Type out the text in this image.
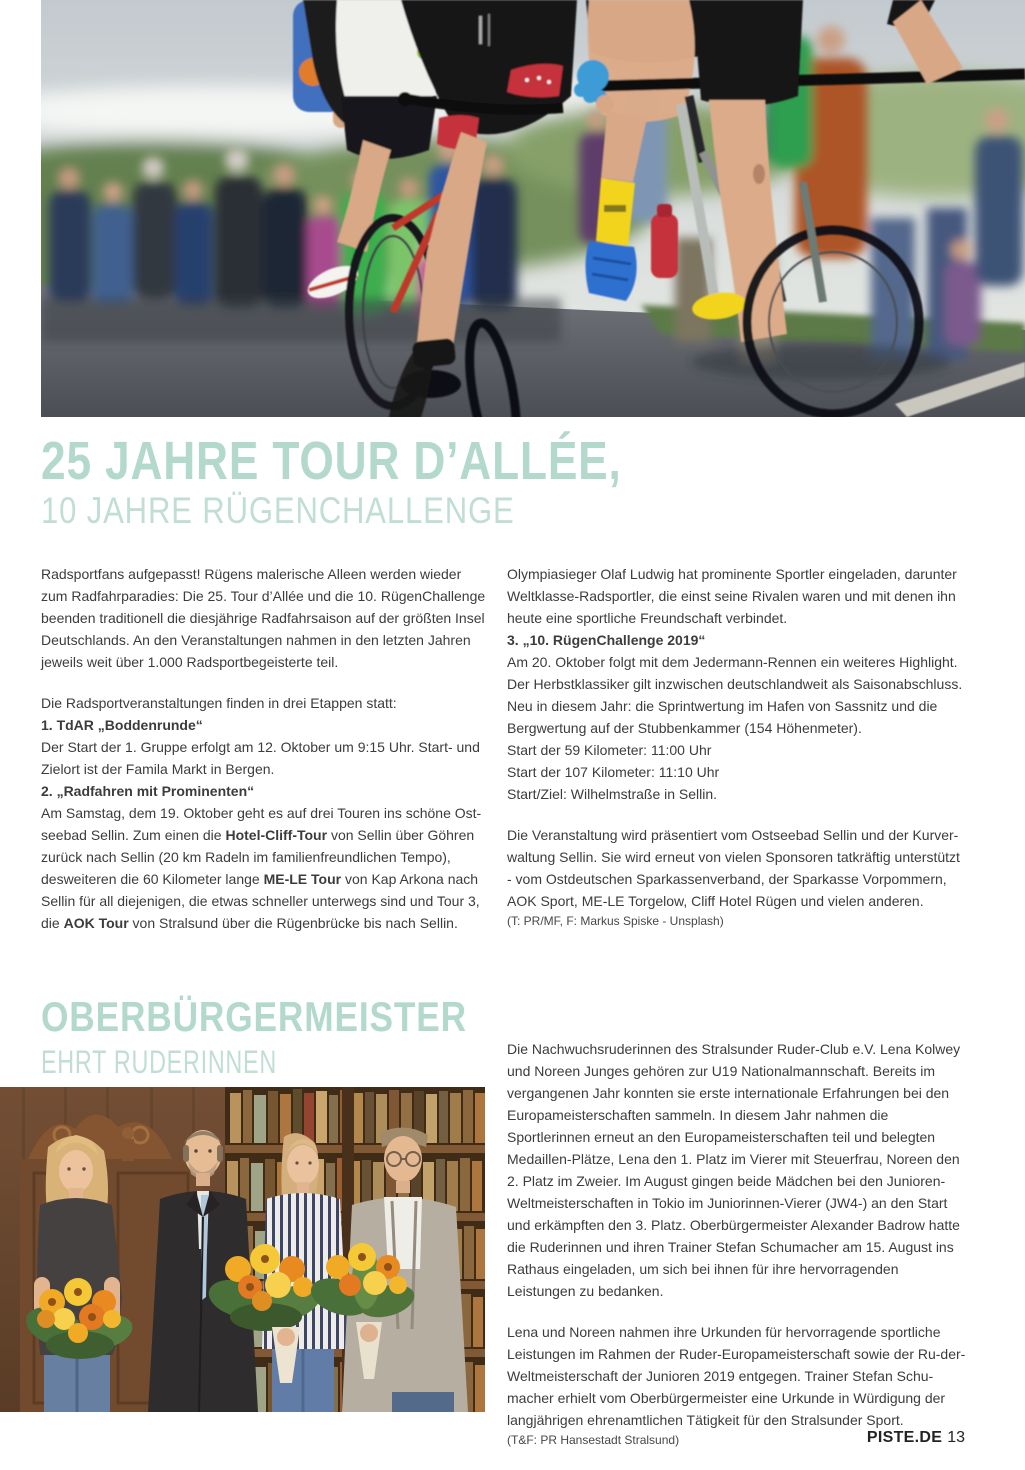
25 JAHRE TOUR D’ALLÉE,
10 JAHRE RÜGENCHALLENGE

Radsportfans aufgepasst! Rügens malerische Alleen werden wieder zum Radfahrparadies: Die 25. Tour d’Allée und die 10. RügenChallenge beenden traditionell die diesjährige Radfahrsaison auf der größten Insel Deutschlands. An den Veranstaltungen nahmen in den letzten Jahren jeweils weit über 1.000 Radsportbegeisterte teil.

Die Radsportveranstaltungen finden in drei Etappen statt:

1. TdAR „Boddenrunde“

Der Start der 1. Gruppe erfolgt am 12. Oktober um 9:15 Uhr. Start- und Zielort ist der Famila Markt in Bergen.

2. „Radfahren mit Prominenten“

Am Samstag, dem 19. Oktober geht es auf drei Touren ins schöne Ost-seebad Sellin. Zum einen die Hotel-Cliff-Tour von Sellin über Göhren zurück nach Sellin (20 km Radeln im familienfreundlichen Tempo), desweiteren die 60 Kilometer lange ME-LE Tour von Kap Arkona nach Sellin für all diejenigen, die etwas schneller unterwegs sind und Tour 3, die AOK Tour von Stralsund über die Rügenbrücke bis nach Sellin.

Olympiasieger Olaf Ludwig hat prominente Sportler eingeladen, darunter Weltklasse-Radsportler, die einst seine Rivalen waren und mit denen ihn heute eine sportliche Freundschaft verbindet.

3. „10. RügenChallenge 2019“

Am 20. Oktober folgt mit dem Jedermann-Rennen ein weiteres Highlight. Der Herbstklassiker gilt inzwischen deutschlandweit als Saisonabschluss. Neu in diesem Jahr: die Sprintwertung im Hafen von Sassnitz und die Bergwertung auf der Stubbenkammer (154 Höhenmeter).

Start der 59 Kilometer: 11:00 Uhr

Start der 107 Kilometer: 11:10 Uhr

Start/Ziel: Wilhelmstraße in Sellin.

Die Veranstaltung wird präsentiert vom Ostseebad Sellin und der Kurver-waltung Sellin. Sie wird erneut von vielen Sponsoren tatkräftig unterstützt - vom Ostdeutschen Sparkassenverband, der Sparkasse Vorpommern, AOK Sport, ME-LE Torgelow, Cliff Hotel Rügen und vielen anderen.

(T: PR/MF, F: Markus Spiske - Unsplash)

OBERBÜRGERMEISTER
EHRT RUDERINNEN	Die Nachwuchsruderinnen des Stralsunder Ruder-Club e.V. Lena Kolwey und Noreen Junges gehören zur U19 Nationalmannschaft. Bereits im vergangenen Jahr konnten sie erste internationale Erfahrungen bei den Europameisterschaften sammeln. In diesem Jahr nahmen die Sportlerinnen erneut an den Europameisterschaften teil und belegten Medaillen-Plätze, Lena den 1. Platz im Vierer mit Steuerfrau, Noreen den 2. Platz im Zweier. Im August gingen beide Mädchen bei den Junioren-Weltmeisterschaften in Tokio im Juniorinnen-Vierer (JW4-) an den Start und erkämpften den 3. Platz. Oberbürgermeister Alexander Badrow hatte die Ruderinnen und ihren Trainer Stefan Schumacher am 15. August ins Rathaus eingeladen, um sich bei ihnen für ihre hervorragenden Leistungen zu bedanken.

Lena und Noreen nahmen ihre Urkunden für hervorragende sportliche Leistungen im Rahmen der Ruder-Europameisterschaft sowie der Ru-der-Weltmeisterschaft der Junioren 2019 entgegen. Trainer Stefan Schu-macher erhielt vom Oberbürgermeister eine Urkunde in Würdigung der langjährigen ehrenamtlichen Tätigkeit für den Stralsunder Sport.

(T&F: PR Hansestadt Stralsund)	PISTE.DE 13
